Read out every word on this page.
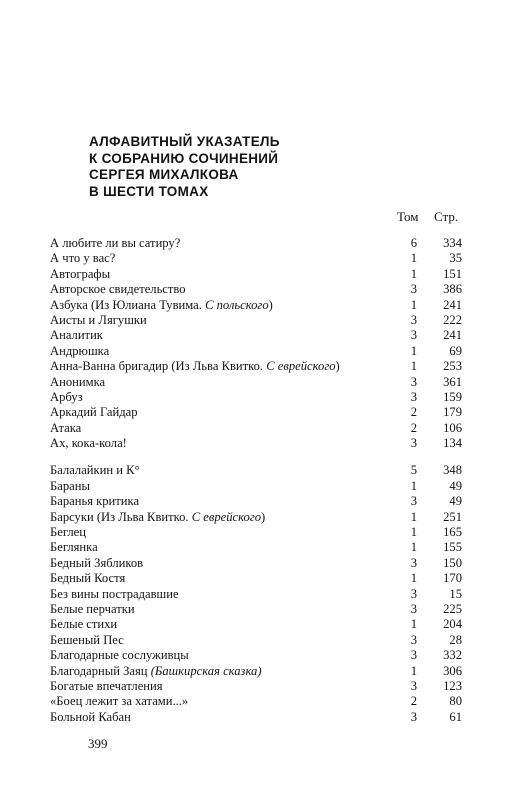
АЛФАВИТНЫЙ УКАЗАТЕЛЬ
К СОБРАНИЮ СОЧИНЕНИЙ
СЕРГЕЯ МИХАЛКОВА
В ШЕСТИ ТОМАХ
Том Стр.
А любите ли вы сатиру?	6	334
А что у вас?	1	35
Автографы	1	151
Авторское свидетельство	3	386
Азбука (Из Юлиана Тувима. С польского)	1	241
Аисты и Лягушки	3	222
Аналитик	3	241
Андрюшка	1	69
Анна-Ванна бригадир (Из Льва Квитко. С еврейского)	1	253
Анонимка	3	361
Арбуз	3	159
Аркадий Гайдар	2	179
Атака	2	106
Ах, кока-кола!	3	134
Балалайкин и К°	5	348
Бараны	1	49
Баранья критика	3	49
Барсуки (Из Льва Квитко. С еврейского)	1	251
Беглец	1	165
Беглянка	1	155
Бедный Зябликов	3	150
Бедный Костя	1	170
Без вины пострадавшие	3	15
Белые перчатки	3	225
Белые стихи	1	204
Бешеный Пес	3	28
Благодарные сослуживцы	3	332
Благодарный Заяц (Башкирская сказка)	1	306
Богатые впечатления	3	123
«Боец лежит за хатами...»	2	80
Больной Кабан	3	61
399
